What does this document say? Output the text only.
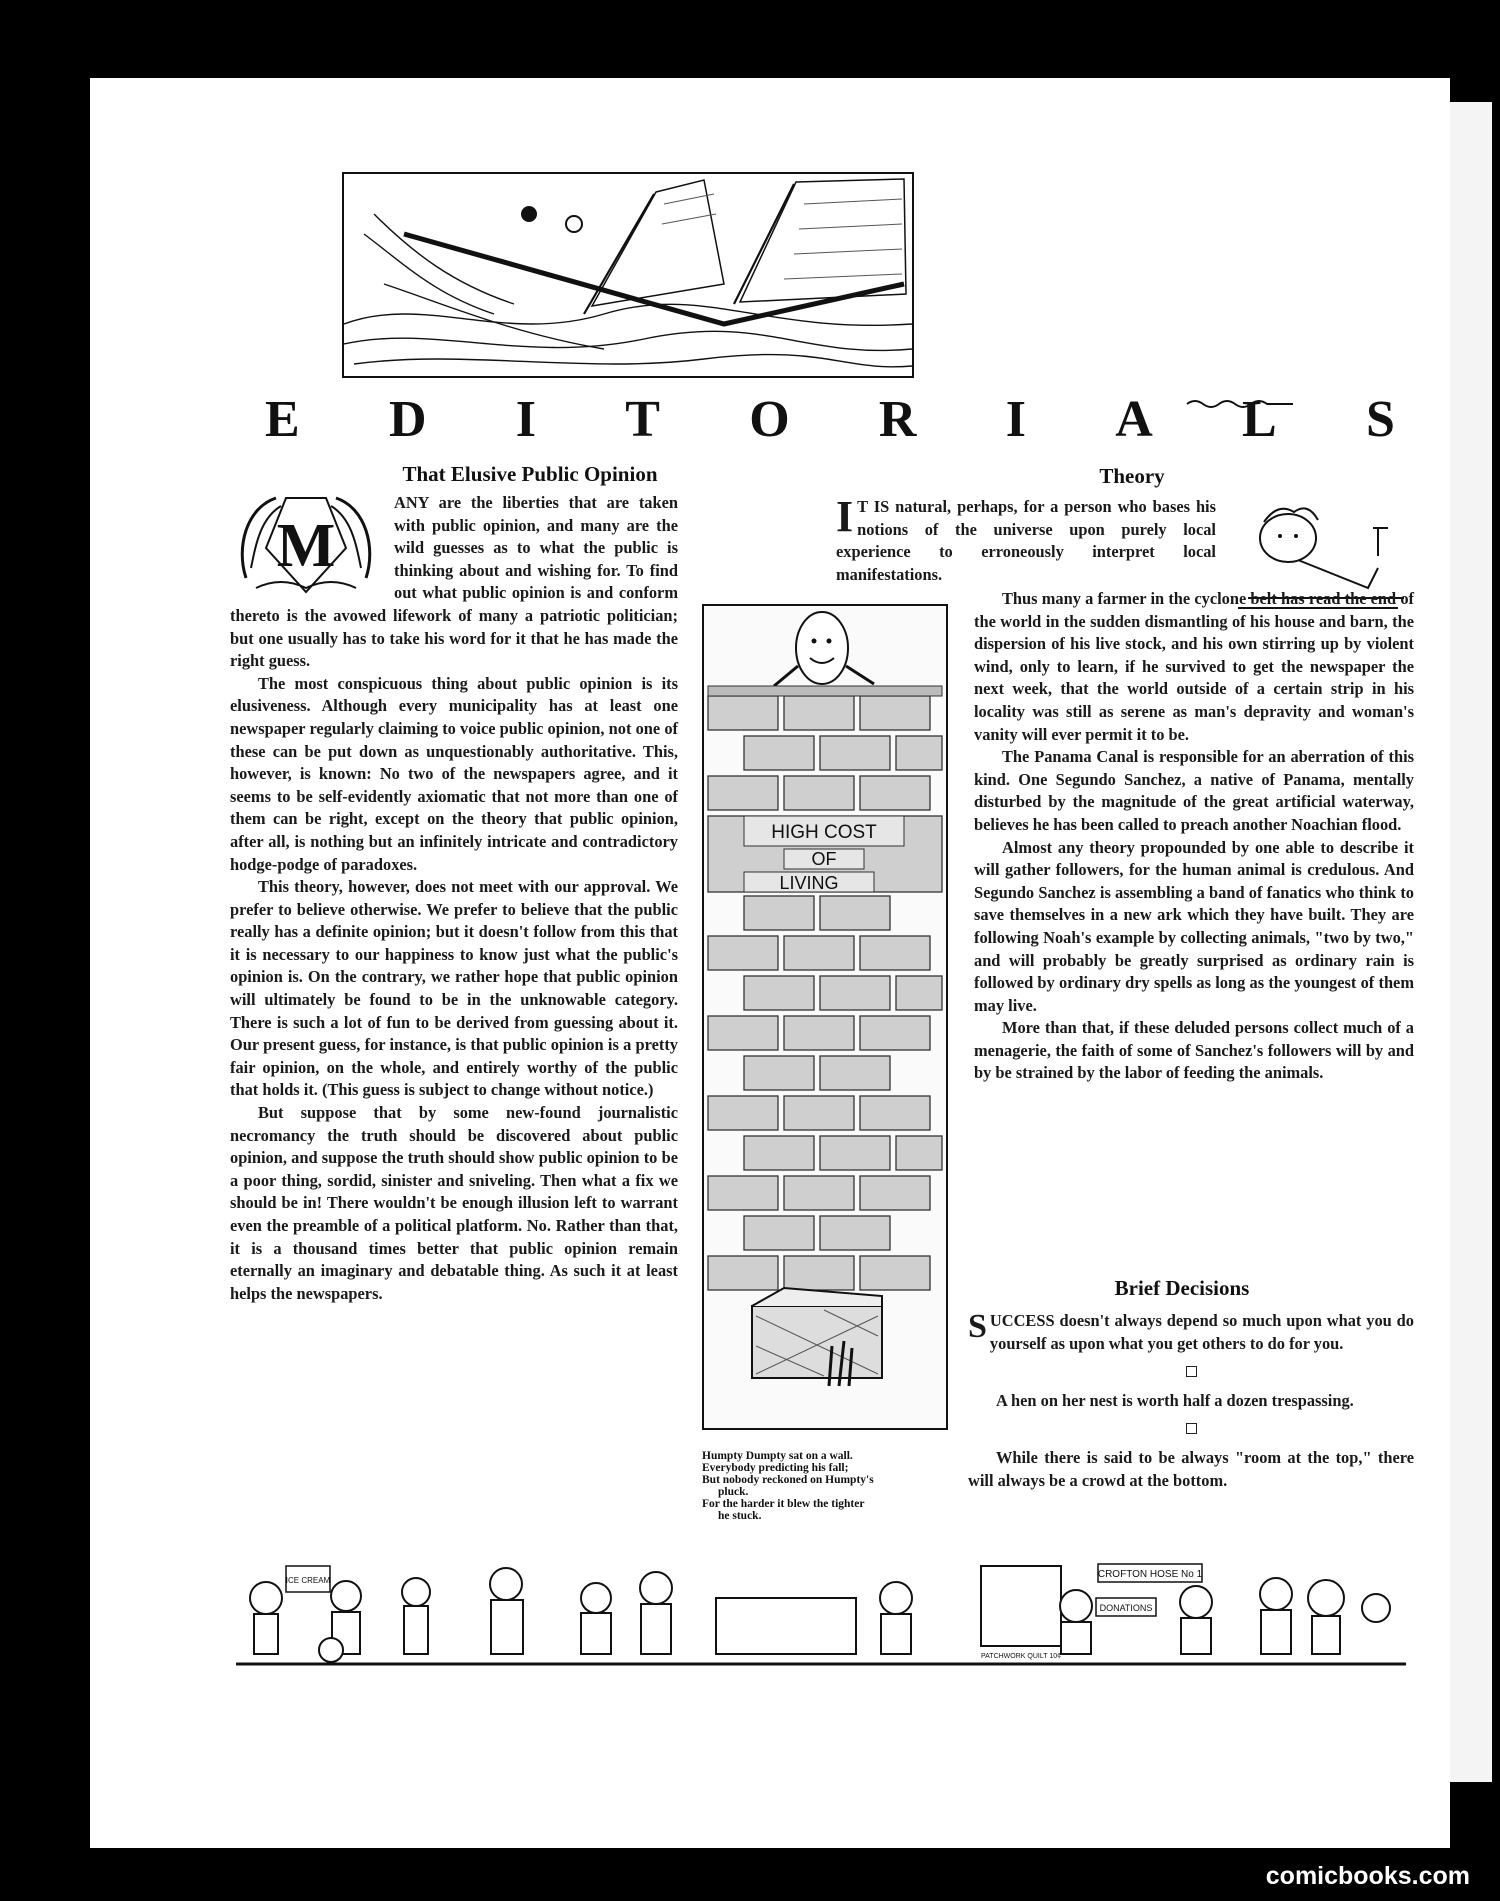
E D I T O R I A L S
That Elusive Public Opinion
M

ANY are the liberties that are taken with public opinion, and many are the wild guesses as to what the public is thinking about and wishing for. To find out what public opinion is and conform thereto is the avowed lifework of many a patriotic politician; but one usually has to take his word for it that he has made the right guess.

The most conspicuous thing about public opinion is its elusiveness. Although every municipality has at least one newspaper regularly claiming to voice public opinion, not one of these can be put down as unquestionably authoritative. This, however, is known: No two of the newspapers agree, and it seems to be self-evidently axiomatic that not more than one of them can be right, except on the theory that public opinion, after all, is nothing but an infinitely intricate and contradictory hodge-podge of paradoxes.

This theory, however, does not meet with our approval. We prefer to believe otherwise. We prefer to believe that the public really has a definite opinion; but it doesn't follow from this that it is necessary to our happiness to know just what the public's opinion is. On the contrary, we rather hope that public opinion will ultimately be found to be in the unknowable category. There is such a lot of fun to be derived from guessing about it. Our present guess, for instance, is that public opinion is a pretty fair opinion, on the whole, and entirely worthy of the public that holds it. (This guess is subject to change without notice.)

But suppose that by some new-found journalistic necromancy the truth should be discovered about public opinion, and suppose the truth should show public opinion to be a poor thing, sordid, sinister and sniveling. Then what a fix we should be in! There wouldn't be enough illusion left to warrant even the preamble of a political platform. No. Rather than that, it is a thousand times better that public opinion remain eternally an imaginary and debatable thing. As such it at least helps the newspapers.

HIGH COST
OF
LIVING
Humpty Dumpty sat on a wall.
Everybody predicting his fall;
But nobody reckoned on Humpty's
pluck.
For the harder it blew the tighter
he stuck.
Theory
I T IS natural, perhaps, for a person who bases his notions of the universe upon purely local experience to erroneously interpret local manifestations.

Thus many a farmer in the cyclone belt has read the end of the world in the sudden dismantling of his house and barn, the dispersion of his live stock, and his own stirring up by violent wind, only to learn, if he survived to get the newspaper the next week, that the world outside of a certain strip in his locality was still as serene as man's depravity and woman's vanity will ever permit it to be.

The Panama Canal is responsible for an aberration of this kind. One Segundo Sanchez, a native of Panama, mentally disturbed by the magnitude of the great artificial waterway, believes he has been called to preach another Noachian flood.

Almost any theory propounded by one able to describe it will gather followers, for the human animal is credulous. And Segundo Sanchez is assembling a band of fanatics who think to save themselves in a new ark which they have built. They are following Noah's example by collecting animals, "two by two," and will probably be greatly surprised as ordinary rain is followed by ordinary dry spells as long as the youngest of them may live.

More than that, if these deluded persons collect much of a menagerie, the faith of some of Sanchez's followers will by and by be strained by the labor of feeding the animals.

Brief Decisions
S UCCESS doesn't always depend so much upon what you do yourself as upon what you get others to do for you.

A hen on her nest is worth half a dozen trespassing.

While there is said to be always "room at the top," there will always be a crowd at the bottom.

ICE CREAM
CROFTON HOSE No 1
DONATIONS
PATCHWORK QUILT 10¢
comicbooks.com
